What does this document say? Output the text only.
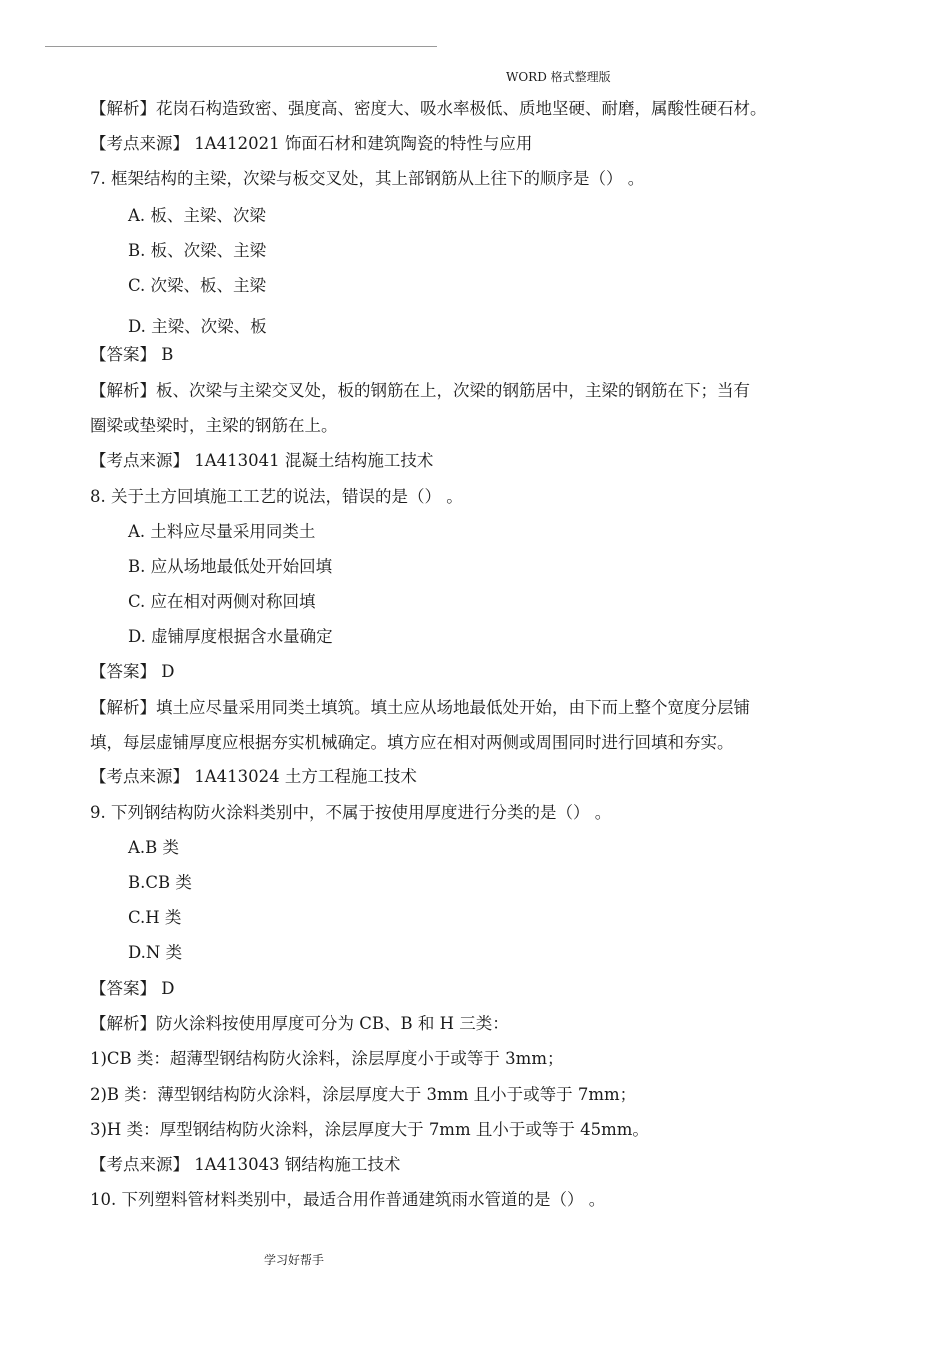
WORD 格式整理版
【解析】花岗石构造致密、强度高、密度大、吸水率极低、质地坚硬、耐磨，属酸性硬石材。
【考点来源】 1A412021 饰面石材和建筑陶瓷的特性与应用
7. 框架结构的主梁，次梁与板交叉处，其上部钢筋从上往下的顺序是（） 。
A. 板、主梁、次梁
B. 板、次梁、主梁
C. 次梁、板、主梁
D. 主梁、次梁、板
【答案】 B
【解析】板、次梁与主梁交叉处，板的钢筋在上，次梁的钢筋居中，主梁的钢筋在下；当有
圈梁或垫梁时，主梁的钢筋在上。
【考点来源】 1A413041 混凝土结构施工技术
8. 关于土方回填施工工艺的说法，错误的是（） 。
A. 土料应尽量采用同类土
B. 应从场地最低处开始回填
C. 应在相对两侧对称回填
D. 虚铺厚度根据含水量确定
【答案】 D
【解析】填土应尽量采用同类土填筑。填土应从场地最低处开始，由下而上整个宽度分层铺
填，每层虚铺厚度应根据夯实机械确定。填方应在相对两侧或周围同时进行回填和夯实。
【考点来源】 1A413024 土方工程施工技术
9. 下列钢结构防火涂料类别中，不属于按使用厚度进行分类的是（） 。
A.B 类
B.CB 类
C.H 类
D.N 类
【答案】 D
【解析】防火涂料按使用厚度可分为 CB、B 和 H 三类：
1)CB 类：超薄型钢结构防火涂料，涂层厚度小于或等于 3mm；
2)B 类：薄型钢结构防火涂料，涂层厚度大于 3mm 且小于或等于 7mm；
3)H 类：厚型钢结构防火涂料，涂层厚度大于 7mm 且小于或等于 45mm。
【考点来源】 1A413043 钢结构施工技术
10. 下列塑料管材料类别中，最适合用作普通建筑雨水管道的是（） 。
学习好帮手
